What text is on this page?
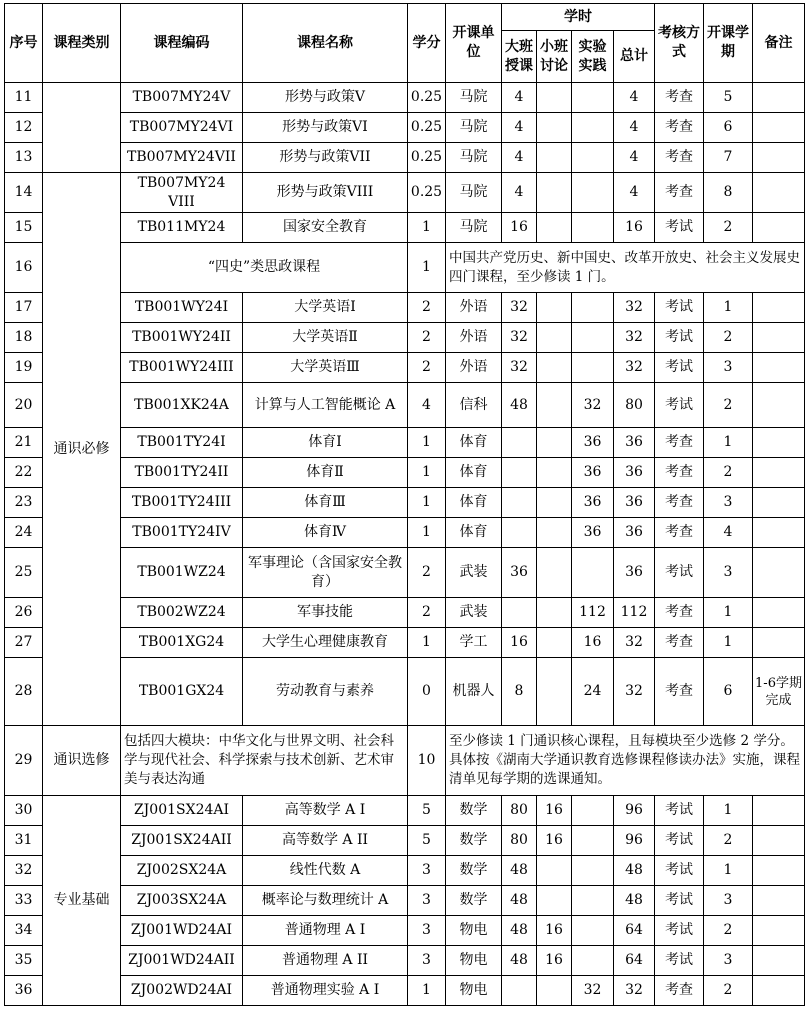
序号	课程类别	课程编码	课程名称	学分	开课单位	学时				考核方式	开课学期	备注
						大班授课	小班讨论	实验实践	总计			
11		TB007MY24V	形势与政策V	0.25	马院	4			4	考查	5	
12		TB007MY24VI	形势与政策VI	0.25	马院	4			4	考查	6	
13		TB007MY24VII	形势与政策VII	0.25	马院	4			4	考查	7	
14	通识必修	TB007MY24 VIII	形势与政策VIII	0.25	马院	4			4	考查	8	
15		TB011MY24	国家安全教育	1	马院	16			16	考试	2	
16		“四史”类思政课程		1	中国共产党历史、新中国史、改革开放史、社会主义发展史四门课程，至少修读 1 门。							
17		TB001WY24I	大学英语Ⅰ	2	外语	32			32	考试	1	
18		TB001WY24II	大学英语Ⅱ	2	外语	32			32	考试	2	
19		TB001WY24III	大学英语Ⅲ	2	外语	32			32	考试	3	
20		TB001XK24A	计算与人工智能概论 A	4	信科	48		32	80	考试	2	
21		TB001TY24I	体育Ⅰ	1	体育			36	36	考查	1	
22		TB001TY24II	体育Ⅱ	1	体育			36	36	考查	2	
23		TB001TY24III	体育Ⅲ	1	体育			36	36	考查	3	
24		TB001TY24IV	体育Ⅳ	1	体育			36	36	考查	4	
25		TB001WZ24	军事理论（含国家安全教育）	2	武装	36			36	考试	3	
26		TB002WZ24	军事技能	2	武装			112	112	考查	1	
27		TB001XG24	大学生心理健康教育	1	学工	16		16	32	考查	1	
28		TB001GX24	劳动教育与素养	0	机器人	8		24	32	考查	6	1-6学期完成
29	通识选修	包括四大模块：中华文化与世界文明、社会科学与现代社会、科学探索与技术创新、艺术审美与表达沟通		10	至少修读 1 门通识核心课程，且每模块至少选修 2 学分。具体按《湖南大学通识教育选修课程修读办法》实施，课程清单见每学期的选课通知。							
30	专业基础	ZJ001SX24AI	高等数学 A I	5	数学	80	16		96	考试	1	
31		ZJ001SX24AII	高等数学 A II	5	数学	80	16		96	考试	2	
32		ZJ002SX24A	线性代数 A	3	数学	48			48	考试	1	
33		ZJ003SX24A	概率论与数理统计 A	3	数学	48			48	考试	3	
34		ZJ001WD24AI	普通物理 A I	3	物电	48	16		64	考试	2	
35		ZJ001WD24AII	普通物理 A II	3	物电	48	16		64	考试	3	
36		ZJ002WD24AI	普通物理实验 A I	1	物电			32	32	考查	2	
